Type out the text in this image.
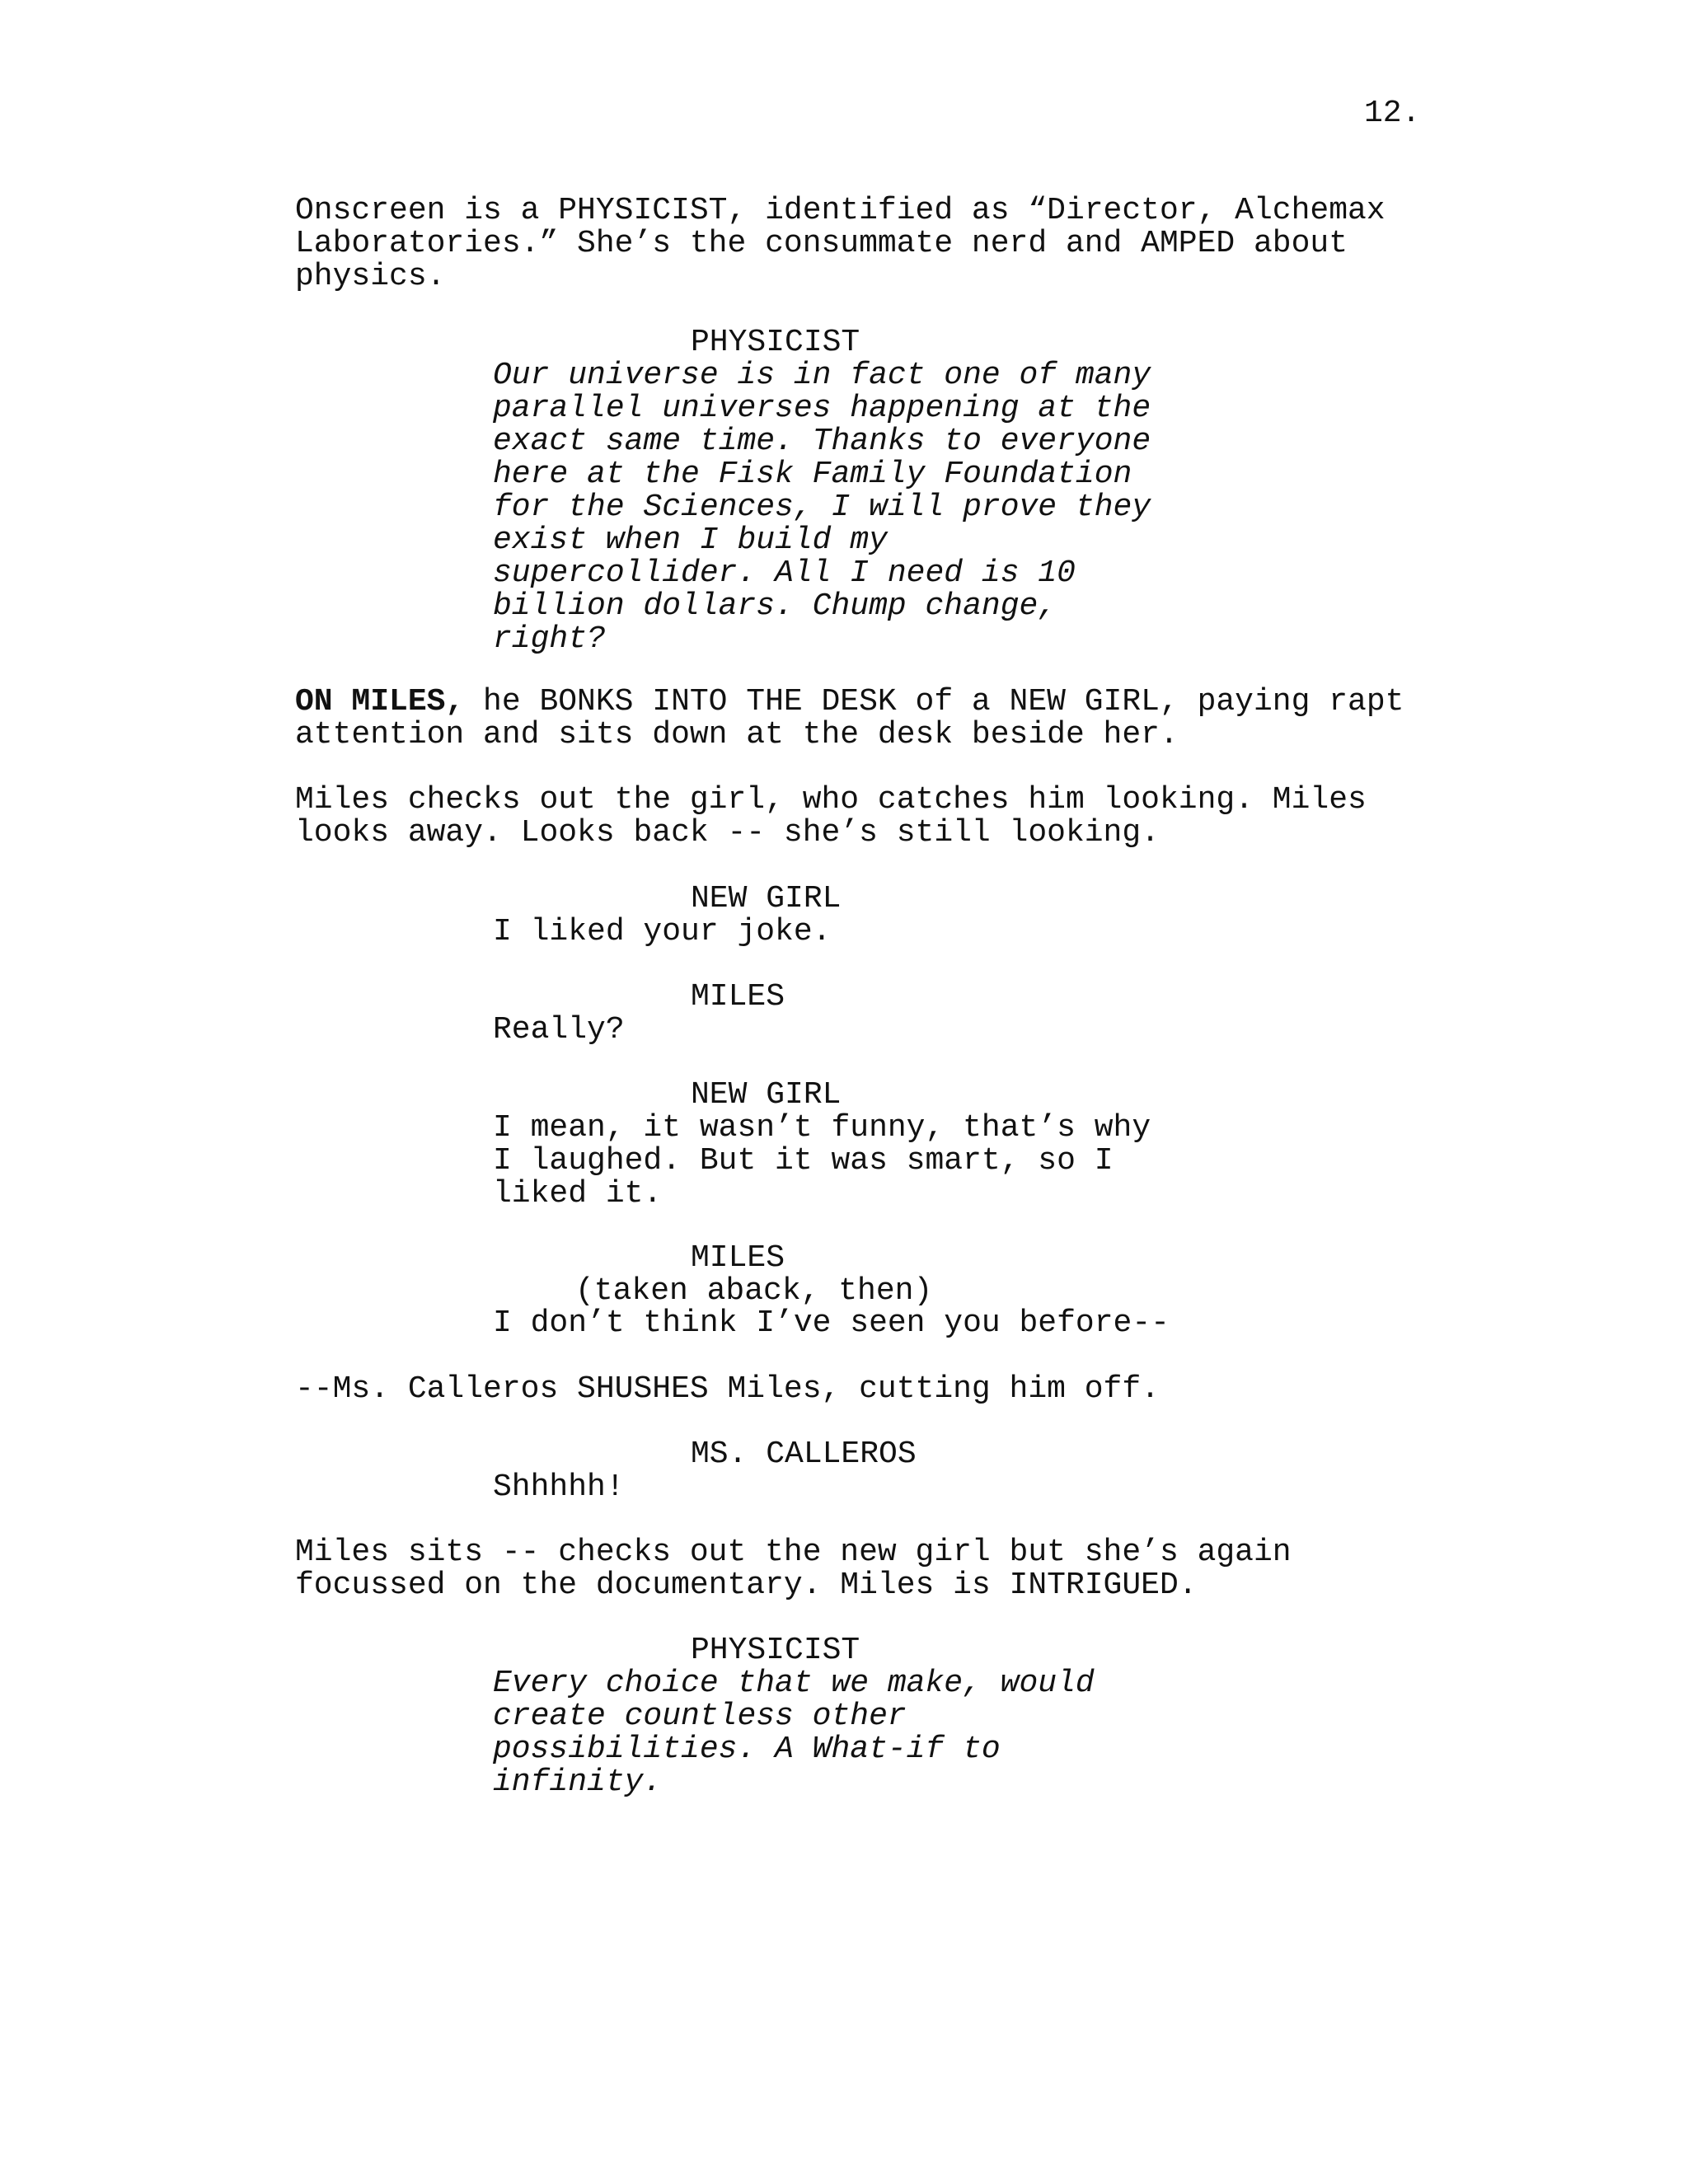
12.

Onscreen is a PHYSICIST, identified as “Director, Alchemax
Laboratories.” She’s the consummate nerd and AMPED about
physics.

PHYSICIST

Our universe is in fact one of many
parallel universes happening at the
exact same time. Thanks to everyone
here at the Fisk Family Foundation
for the Sciences, I will prove they
exist when I build my
supercollider. All I need is 10
billion dollars. Chump change,
right?

ON MILES, he BONKS INTO THE DESK of a NEW GIRL, paying rapt
attention and sits down at the desk beside her.

Miles checks out the girl, who catches him looking. Miles
looks away. Looks back -- she’s still looking.

NEW GIRL

I liked your joke.

MILES

Really?

NEW GIRL

I mean, it wasn’t funny, that’s why
I laughed. But it was smart, so I
liked it.

MILES

(taken aback, then)

I don’t think I’ve seen you before--

--Ms. Calleros SHUSHES Miles, cutting him off.

MS. CALLEROS

Shhhhh!

Miles sits -- checks out the new girl but she’s again
focussed on the documentary. Miles is INTRIGUED.

PHYSICIST

Every choice that we make, would
create countless other
possibilities. A What-if to
infinity.
